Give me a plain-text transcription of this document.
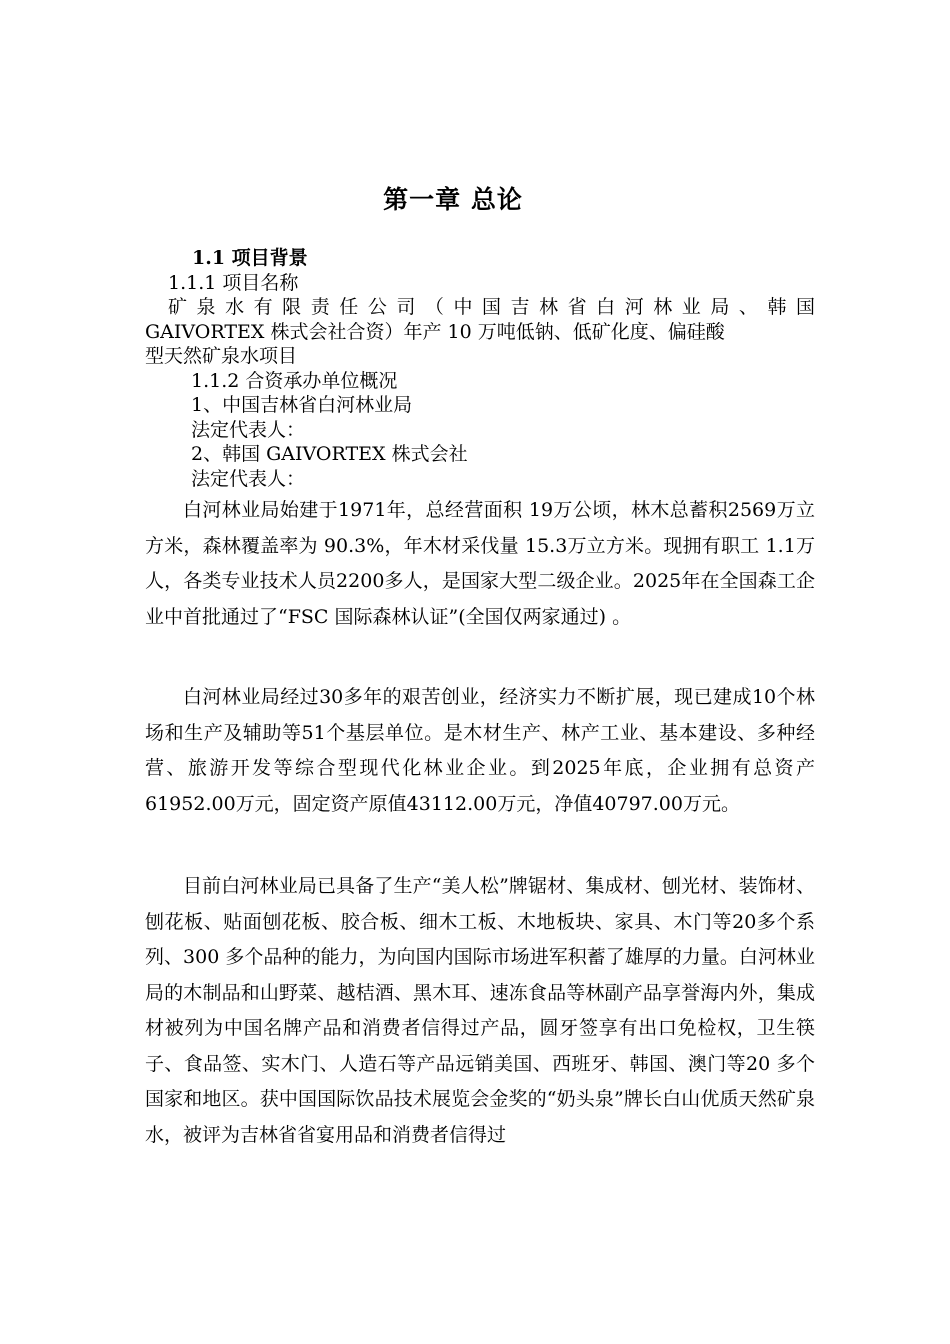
第一章 总论

1.1 项目背景

1.1.1 项目名称

矿泉水有限责任公司（中国吉林省白河林业局、韩国

GAIVORTEX 株式会社合资）年产 10 万吨低钠、低矿化度、偏硅酸

型天然矿泉水项目

1.1.2 合资承办单位概况

1、中国吉林省白河林业局

法定代表人：

2、韩国 GAIVORTEX 株式会社

法定代表人：

白河林业局始建于1971年，总经营面积 19万公顷，林木总蓄积2569万立方米，森林覆盖率为 90.3%，年木材采伐量 15.3万立方米。现拥有职工 1.1万人，各类专业技术人员2200多人，是国家大型二级企业。2025年在全国森工企业中首批通过了“FSC 国际森林认证”(全国仅两家通过) 。

白河林业局经过30多年的艰苦创业，经济实力不断扩展，现已建成10个林场和生产及辅助等51个基层单位。是木材生产、林产工业、基本建设、多种经营、旅游开发等综合型现代化林业企业。到2025年底，企业拥有总资产61952.00万元，固定资产原值43112.00万元，净值40797.00万元。

目前白河林业局已具备了生产“美人松”牌锯材、集成材、刨光材、装饰材、刨花板、贴面刨花板、胶合板、细木工板、木地板块、家具、木门等20多个系列、300 多个品种的能力，为向国内国际市场进军积蓄了雄厚的力量。白河林业局的木制品和山野菜、越桔酒、黑木耳、速冻食品等林副产品享誉海内外，集成材被列为中国名牌产品和消费者信得过产品，圆牙签享有出口免检权，卫生筷子、食品签、实木门、人造石等产品远销美国、西班牙、韩国、澳门等20 多个国家和地区。获中国国际饮品技术展览会金奖的“奶头泉”牌长白山优质天然矿泉水，被评为吉林省省宴用品和消费者信得过
